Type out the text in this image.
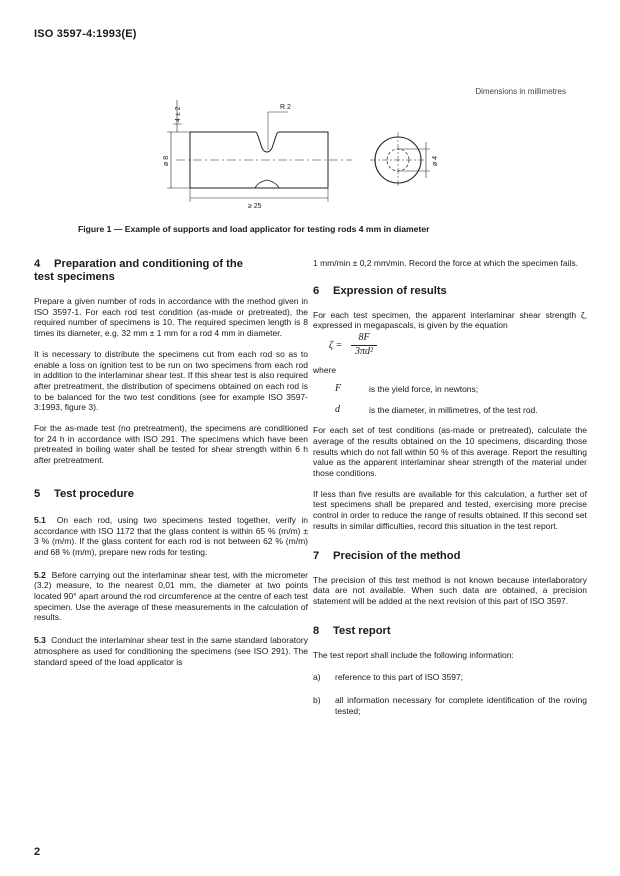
ISO 3597-4:1993(E)
Dimensions in millimetres
R 2
4 ± 2
ø 8
≥ 25
ø 4
Figure 1 — Example of supports and load applicator for testing rods 4 mm in diameter
4 Preparation and conditioning of the
test specimens

Prepare a given number of rods in accordance with the method given in ISO 3597-1. For each rod test condition (as-made or pretreated), the required number of specimens is 10. The required specimen length is 8 times its diameter, e.g. 32 mm ± 1 mm for a rod 4 mm in diameter.

It is necessary to distribute the specimens cut from each rod so as to enable a loss on ignition test to be run on two specimens from each rod in addition to the interlaminar shear test. If this shear test is also required after pretreatment, the distribution of specimens obtained on each rod is to be balanced for the two test conditions (see for example ISO 3597-3:1993, figure 3).

For the as-made test (no pretreatment), the specimens are conditioned for 24 h in accordance with ISO 291. The specimens which have been pretreated in boiling water shall be tested for shear strength within 6 h after pretreatment.

5 Test procedure

5.1 On each rod, using two specimens tested together, verify in accordance with ISO 1172 that the glass content is within 65 % (m/m) ± 3 % (m/m). If the glass content for each rod is not between 62 % (m/m) and 68 % (m/m), prepare new rods for testing.

5.2 Before carrying out the interlaminar shear test, with the micrometer (3.2) measure, to the nearest 0,01 mm, the diameter at two points located 90° apart around the rod circumference at the centre of each test specimen. Use the average of these measurements in the calculation of results.

5.3 Conduct the interlaminar shear test in the same standard laboratory atmosphere as used for conditioning the specimens (see ISO 291). The standard speed of the load applicator is

1 mm/min ± 0,2 mm/min. Record the force at which the specimen fails.

6 Expression of results

For each test specimen, the apparent interlaminar shear strength ζ, expressed in megapascals, is given by the equation

ζ =
8F
3πd²

where

F	is the yield force, in newtons;

d	is the diameter, in millimetres, of the test rod.

For each set of test conditions (as-made or pretreated), calculate the average of the results obtained on the 10 specimens, discarding those results which do not fall within 50 % of this average. Report the resulting value as the apparent interlaminar shear strength of the material under those conditions.

If less than five results are available for this calculation, a further set of test specimens shall be prepared and tested, exercising more precise control in order to reduce the range of results obtained. If this second set results in similar difficulties, record this situation in the test report.

7 Precision of the method

The precision of this test method is not known because interlaboratory data are not available. When such data are obtained, a precision statement will be added at the next revision of this part of ISO 3597.

8 Test report

The test report shall include the following information:

a) reference to this part of ISO 3597;

b) all information necessary for complete identification of the roving tested;

2
